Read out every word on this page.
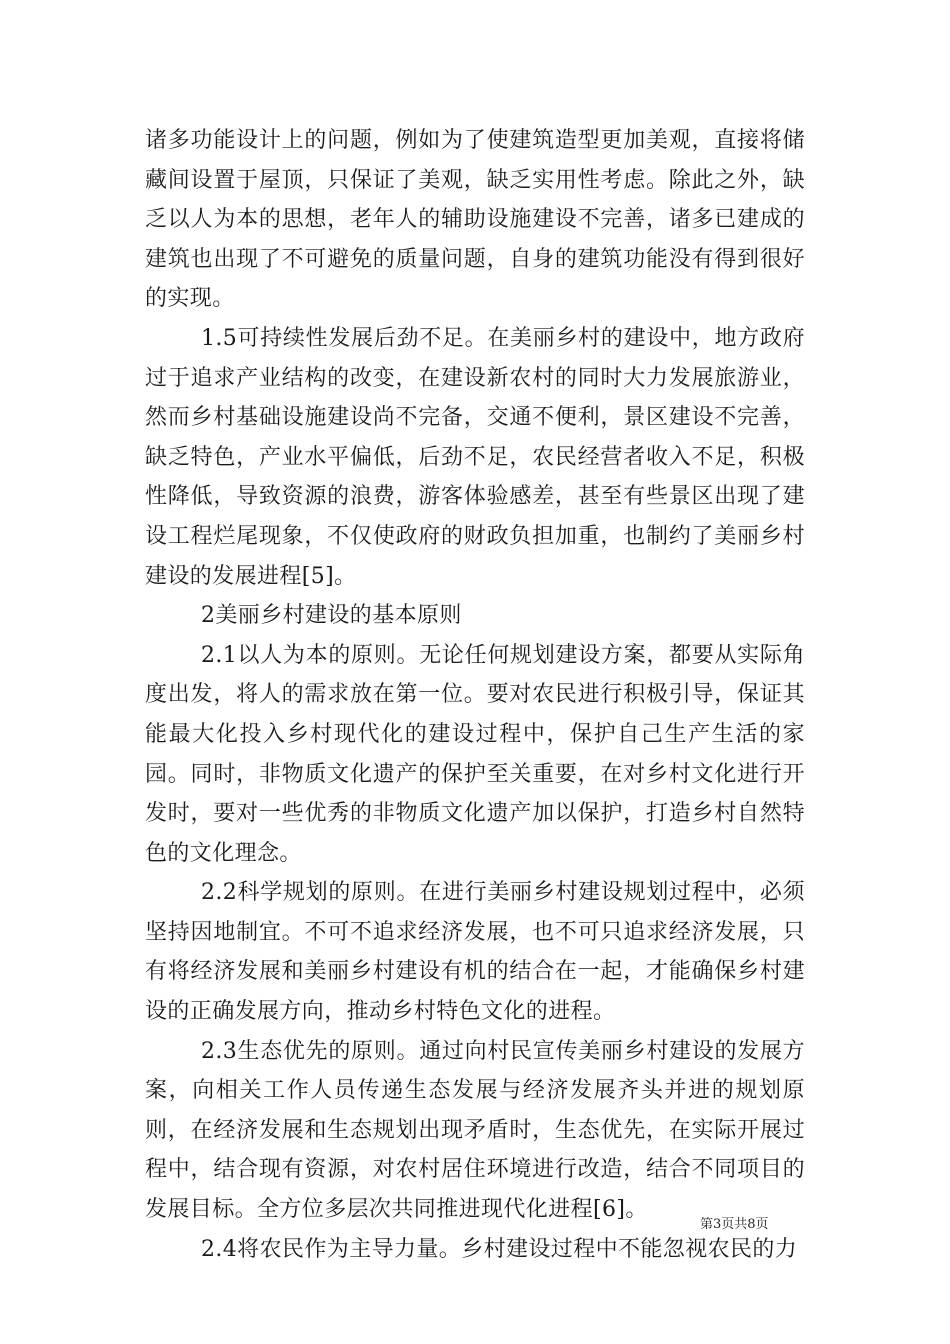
诸多功能设计上的问题，例如为了使建筑造型更加美观，直接将储藏间设置于屋顶，只保证了美观，缺乏实用性考虑。除此之外，缺乏以人为本的思想，老年人的辅助设施建设不完善，诸多已建成的建筑也出现了不可避免的质量问题，自身的建筑功能没有得到很好的实现。

1.5可持续性发展后劲不足。在美丽乡村的建设中，地方政府过于追求产业结构的改变，在建设新农村的同时大力发展旅游业，然而乡村基础设施建设尚不完备，交通不便利，景区建设不完善，缺乏特色，产业水平偏低，后劲不足，农民经营者收入不足，积极性降低，导致资源的浪费，游客体验感差，甚至有些景区出现了建设工程烂尾现象，不仅使政府的财政负担加重，也制约了美丽乡村建设的发展进程[5]。

2美丽乡村建设的基本原则

2.1以人为本的原则。无论任何规划建设方案，都要从实际角度出发，将人的需求放在第一位。要对农民进行积极引导，保证其能最大化投入乡村现代化的建设过程中，保护自己生产生活的家园。同时，非物质文化遗产的保护至关重要，在对乡村文化进行开发时，要对一些优秀的非物质文化遗产加以保护，打造乡村自然特色的文化理念。

2.2科学规划的原则。在进行美丽乡村建设规划过程中，必须坚持因地制宜。不可不追求经济发展，也不可只追求经济发展，只有将经济发展和美丽乡村建设有机的结合在一起，才能确保乡村建设的正确发展方向，推动乡村特色文化的进程。

2.3生态优先的原则。通过向村民宣传美丽乡村建设的发展方案，向相关工作人员传递生态发展与经济发展齐头并进的规划原则，在经济发展和生态规划出现矛盾时，生态优先，在实际开展过程中，结合现有资源，对农村居住环境进行改造，结合不同项目的发展目标。全方位多层次共同推进现代化进程[6]。

2.4将农民作为主导力量。乡村建设过程中不能忽视农民的力

第3页共8页
